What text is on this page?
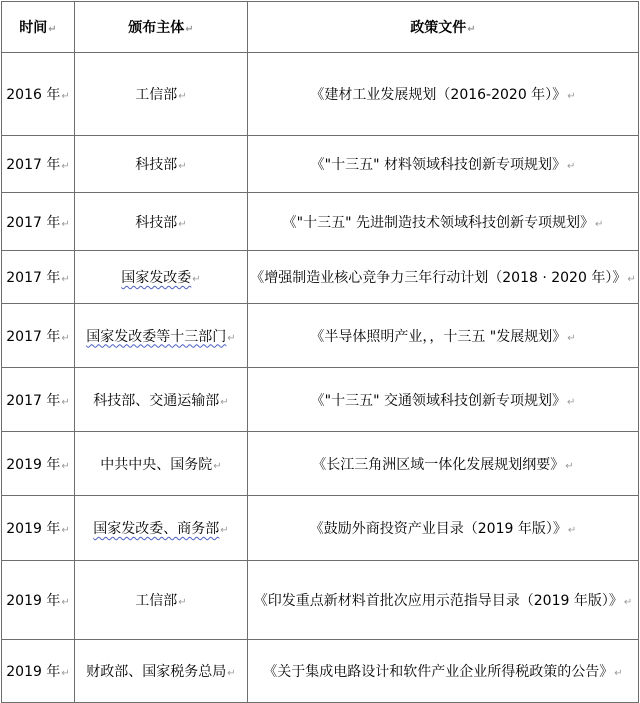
时间↵	颁布主体↵	政策文件↵
2016 年↵	工信部↵	《建材工业发展规划（2016-2020 年）》↵
2017 年↵	科技部↵	《"十三五" 材料领域科技创新专项规划》↵
2017 年↵	科技部↵	《"十三五" 先进制造技术领域科技创新专项规划》↵
2017 年↵	国家发改委↵	《增强制造业核心竞争力三年行动计划（2018 · 2020 年）》↵
2017 年↵	国家发改委等十三部门↵	《半导体照明产业，，十三五 "发展规划》↵
2017 年↵	科技部、交通运输部↵	《"十三五" 交通领域科技创新专项规划》↵
2019 年↵	中共中央、国务院↵	《长江三角洲区域一体化发展规划纲要》↵
2019 年↵	国家发改委、商务部↵	《鼓励外商投资产业目录（2019 年版）》↵
2019 年↵	工信部↵	《印发重点新材料首批次应用示范指导目录（2019 年版）》↵
2019 年↵	财政部、国家税务总局↵	《关于集成电路设计和软件产业企业所得税政策的公告》↵
